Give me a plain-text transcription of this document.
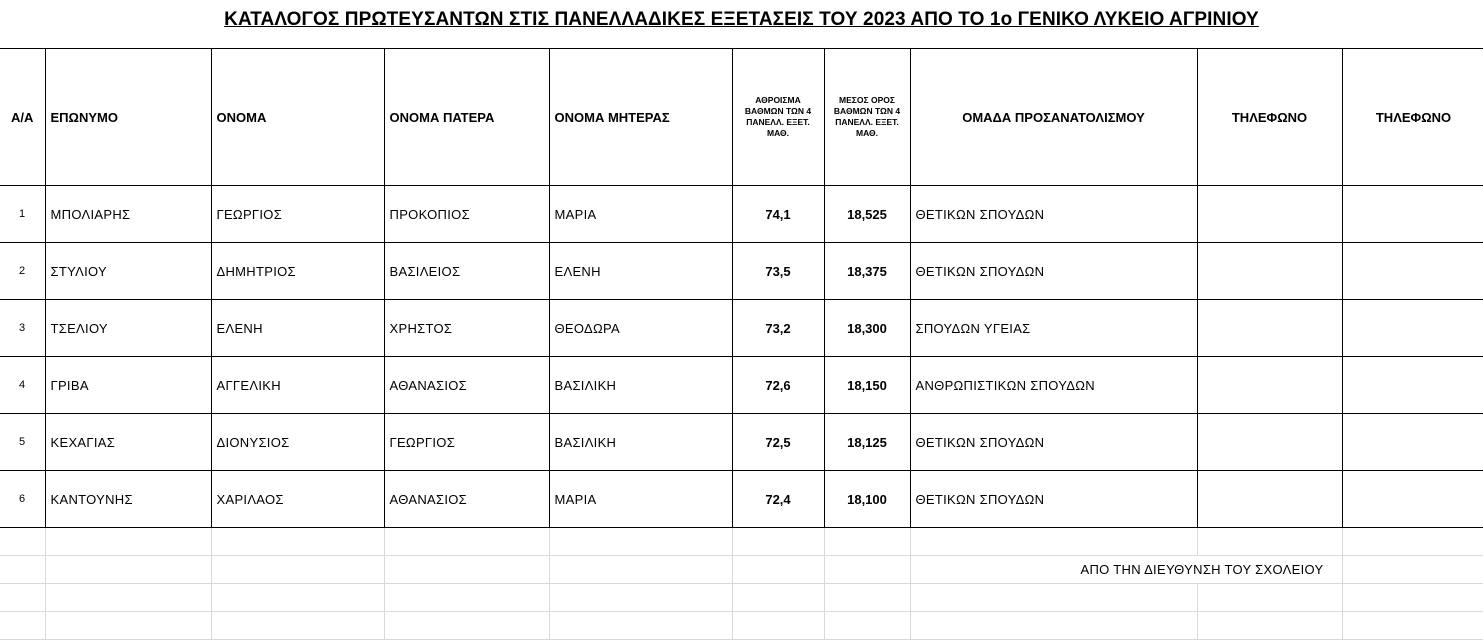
ΚΑΤΑΛΟΓΟΣ ΠΡΩΤΕΥΣΑΝΤΩΝ ΣΤΙΣ ΠΑΝΕΛΛΑΔΙΚΕΣ ΕΞΕΤΑΣΕΙΣ ΤΟΥ 2023 ΑΠΟ ΤΟ 1ο ΓΕΝΙΚΟ ΛΥΚΕΙΟ ΑΓΡΙΝΙΟΥ
Α/Α	ΕΠΩΝΥΜΟ	ΟΝΟΜΑ	ΟΝΟΜΑ ΠΑΤΕΡΑ	ΟΝΟΜΑ ΜΗΤΕΡΑΣ	ΑΘΡΟΙΣΜΑ ΒΑΘΜΩΝ ΤΩΝ 4 ΠΑΝΕΛΛ. ΕΞΕΤ. ΜΑΘ.	ΜΕΣΟΣ ΟΡΟΣ ΒΑΘΜΩΝ ΤΩΝ 4 ΠΑΝΕΛΛ. ΕΞΕΤ. ΜΑΘ.	ΟΜΑΔΑ ΠΡΟΣΑΝΑΤΟΛΙΣΜΟΥ	ΤΗΛΕΦΩΝΟ	ΤΗΛΕΦΩΝΟ
1	ΜΠΟΛΙΑΡΗΣ	ΓΕΩΡΓΙΟΣ	ΠΡΟΚΟΠΙΟΣ	ΜΑΡΙΑ	74,1	18,525	ΘΕΤΙΚΩΝ ΣΠΟΥΔΩΝ		
2	ΣΤΥΛΙΟΥ	ΔΗΜΗΤΡΙΟΣ	ΒΑΣΙΛΕΙΟΣ	ΕΛΕΝΗ	73,5	18,375	ΘΕΤΙΚΩΝ ΣΠΟΥΔΩΝ		
3	ΤΣΕΛΙΟΥ	ΕΛΕΝΗ	ΧΡΗΣΤΟΣ	ΘΕΟΔΩΡΑ	73,2	18,300	ΣΠΟΥΔΩΝ ΥΓΕΙΑΣ		
4	ΓΡΙΒΑ	ΑΓΓΕΛΙΚΗ	ΑΘΑΝΑΣΙΟΣ	ΒΑΣΙΛΙΚΗ	72,6	18,150	ΑΝΘΡΩΠΙΣΤΙΚΩΝ ΣΠΟΥΔΩΝ		
5	ΚΕΧΑΓΙΑΣ	ΔΙΟΝΥΣΙΟΣ	ΓΕΩΡΓΙΟΣ	ΒΑΣΙΛΙΚΗ	72,5	18,125	ΘΕΤΙΚΩΝ ΣΠΟΥΔΩΝ		
6	ΚΑΝΤΟΥΝΗΣ	ΧΑΡΙΛΑΟΣ	ΑΘΑΝΑΣΙΟΣ	ΜΑΡΙΑ	72,4	18,100	ΘΕΤΙΚΩΝ ΣΠΟΥΔΩΝ		

							ΑΠΟ ΤΗΝ ΔΙΕΥΘΥΝΣΗ ΤΟΥ ΣΧΟΛΕΙΟΥ		
